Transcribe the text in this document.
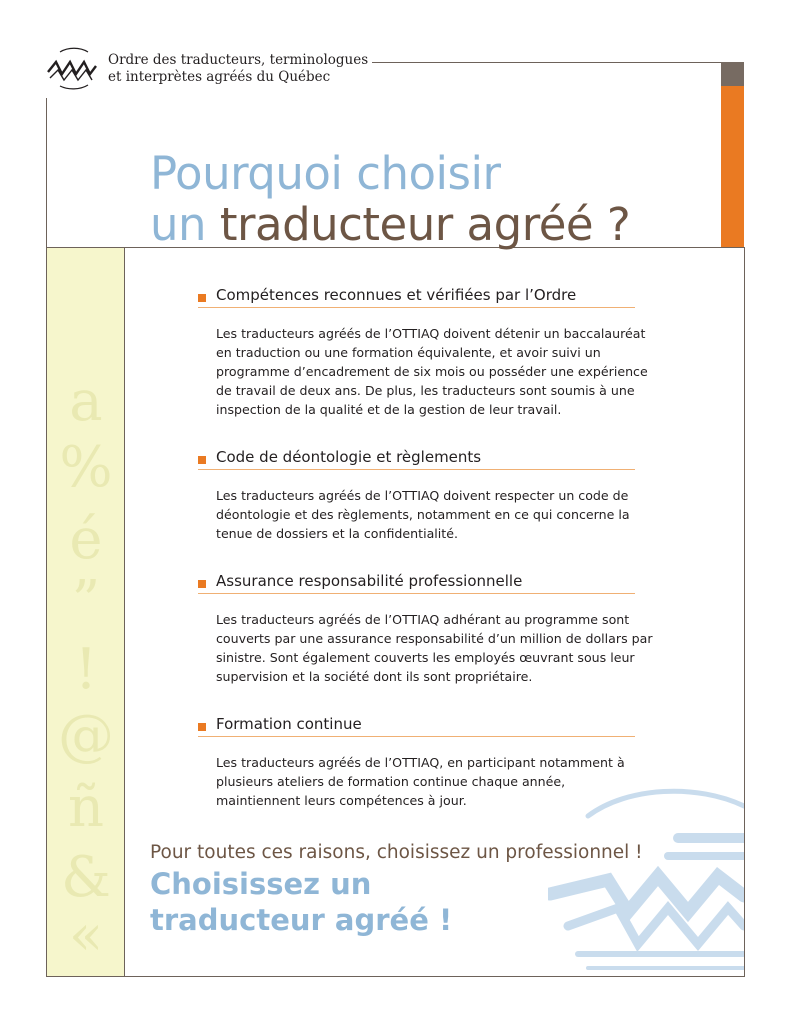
Ordre des traducteurs, terminologues
et interprètes agréés du Québec
Pourquoi choisir
un traducteur agréé ?
a
%
é
”
!
@
ñ
&
«
Compétences reconnues et vérifiées par l’Ordre
Les traducteurs agréés de l’OTTIAQ doivent détenir un baccalauréat
en traduction ou une formation équivalente, et avoir suivi un
programme d’encadrement de six mois ou posséder une expérience
de travail de deux ans. De plus, les traducteurs sont soumis à une
inspection de la qualité et de la gestion de leur travail.
Code de déontologie et règlements
Les traducteurs agréés de l’OTTIAQ doivent respecter un code de
déontologie et des règlements, notamment en ce qui concerne la
tenue de dossiers et la confidentialité.
Assurance responsabilité professionnelle
Les traducteurs agréés de l’OTTIAQ adhérant au programme sont
couverts par une assurance responsabilité d’un million de dollars par
sinistre. Sont également couverts les employés œuvrant sous leur
supervision et la société dont ils sont propriétaire.
Formation continue
Les traducteurs agréés de l’OTTIAQ, en participant notamment à
plusieurs ateliers de formation continue chaque année,
maintiennent leurs compétences à jour.
Pour toutes ces raisons, choisissez un professionnel !
Choisissez un
traducteur agréé !
